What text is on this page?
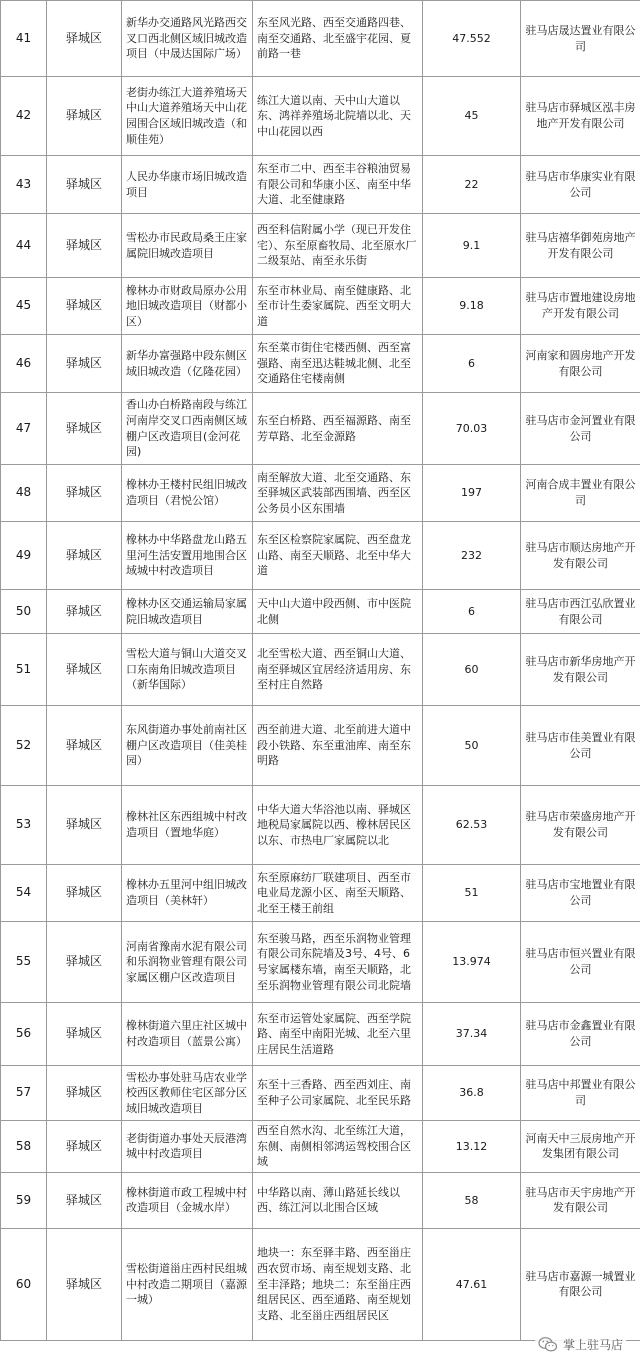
41	驿城区	新华办交通路风光路西交叉口西北侧区域旧城改造项目（中晟达国际广场）	东至风光路、西至交通路四巷、南至交通路、北至盛宇花园、夏前路一巷	47.552	驻马店晟达置业有限公司
42	驿城区	老街办练江大道养殖场天中山大道养殖场天中山花园围合区域旧城改造（和顺佳苑）	练江大道以南、天中山大道以东、鸿祥养殖场北院墙以北、天中山花园以西	45	驻马店市驿城区泓丰房地产开发有限公司
43	驿城区	人民办华康市场旧城改造项目	东至市二中、西至丰谷粮油贸易有限公司和华康小区、南至中华大道、北至健康路	22	驻马店市华康实业有限公司
44	驿城区	雪松办市民政局桑王庄家属院旧城改造项目	西至科信附属小学（现已开发住宅）、东至原畜牧局、北至原水厂二级泵站、南至永乐街	9.1	驻马店禧华御苑房地产开发有限公司
45	驿城区	橡林办市财政局原办公用地旧城改造项目（财都小区）	东至市林业局、南至健康路、北至市计生委家属院、西至文明大道	9.18	驻马店市置地建设房地产开发有限公司
46	驿城区	新华办富强路中段东侧区域旧城改造（亿隆花园）	东至菜市街住宅楼西侧、西至富强路、南至迅达鞋城北侧、北至交通路住宅楼南侧	6	河南家和圆房地产开发有限公司
47	驿城区	香山办白桥路南段与练江河南岸交叉口西南侧区域棚户区改造项目(金河花园)	东至白桥路、西至福源路、南至芳草路、北至金源路	70.03	驻马店市金河置业有限公司
48	驿城区	橡林办王楼村民组旧城改造项目（君悦公馆）	南至解放大道、北至交通路、东至驿城区武装部西围墙、西至区公务员小区东围墙	197	河南合成丰置业有限公司
49	驿城区	橡林办中华路盘龙山路五里河生活安置用地围合区域城中村改造项目	东至区检察院家属院、西至盘龙山路、南至天顺路、北至中华大道	232	驻马店市顺达房地产开发有限公司
50	驿城区	橡林办区交通运输局家属院旧城改造项目	天中山大道中段西侧、市中医院北侧	6	驻马店市西江弘欣置业有限公司
51	驿城区	雪松大道与铜山大道交叉口东南角旧城改造项目（新华国际）	北至雪松大道、西至铜山大道、南至驿城区宜居经济适用房、东至村庄自然路	60	驻马店市新华房地产开发有限公司
52	驿城区	东风街道办事处前南社区棚户区改造项目（佳美桂园）	西至前进大道、北至前进大道中段小铁路、东至重油库、南至东明路	50	驻马店市佳美置业有限公司
53	驿城区	橡林社区东西组城中村改造项目（置地华庭）	中华大道大华浴池以南、驿城区地税局家属院以西、橡林居民区以东、市热电厂家属院以北	62.53	驻马店市荣盛房地产开发有限公司
54	驿城区	橡林办五里河中组旧城改造项目（美林轩）	东至原麻纺厂联建项目、西至市电业局龙源小区、南至天顺路、北至王楼王前组	51	驻马店市宝地置业有限公司
55	驿城区	河南省豫南水泥有限公司和乐润物业管理有限公司家属区棚户区改造项目	东至骏马路，西至乐润物业管理有限公司东院墙及3号、4号、6号家属楼东墙，南至天顺路，北至乐润物业管理有限公司北院墙	13.974	驻马店市恒兴置业有限公司
56	驿城区	橡林街道六里庄社区城中村改造项目（蓝景公寓）	东至市运管处家属院、西至学院路、南至中南阳光城、北至六里庄居民生活道路	37.34	驻马店市金鑫置业有限公司
57	驿城区	雪松办事处驻马店农业学校西区教师住宅区部分区域旧城改造项目	东至十三香路、西至西刘庄、南至种子公司家属院、北至民乐路	36.8	驻马店中邦置业有限公司
58	驿城区	老街街道办事处天辰港湾城中村改造项目	西至自然水沟、北至练江大道，东侧、南侧相邻鸿运驾校围合区域	13.12	河南天中三辰房地产开发集团有限公司
59	驿城区	橡林街道市政工程城中村改造项目（金城水岸）	中华路以南、薄山路延长线以西、练江河以北围合区域	58	驻马店市天宇房地产开发有限公司
60	驿城区	雪松街道甾庄西村民组城中村改造二期项目（嘉源一城）	地块一：东至驿丰路、西至甾庄西农贸市场、南至规划支路、北至丰泽路；地块二：东至甾庄西组居民区、西至通路、南至规划支路、北至甾庄西组居民区	47.61	驻马店市嘉源一城置业有限公司
掌上驻马店
